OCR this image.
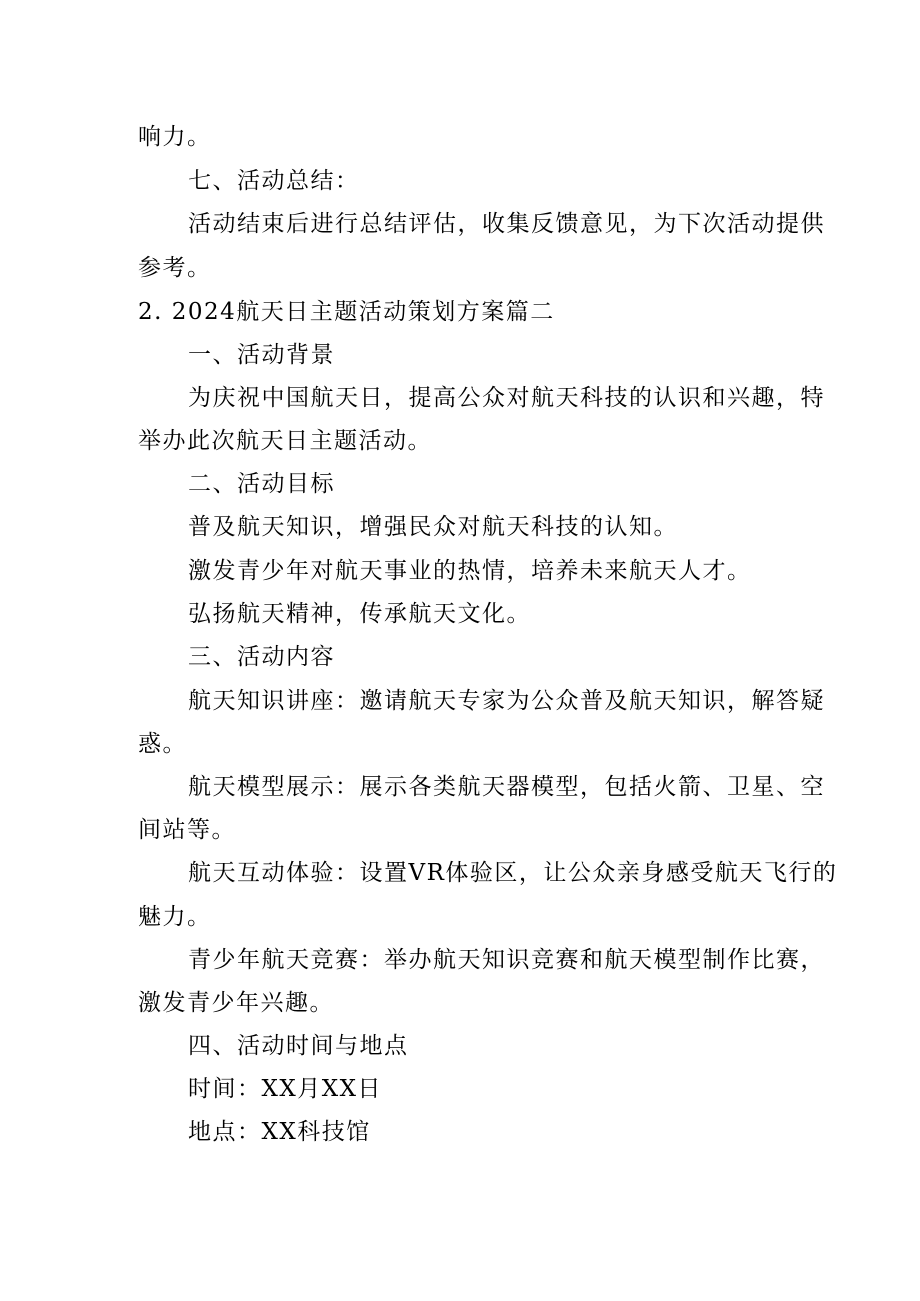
响力。
七、活动总结：
活动结束后进行总结评估，收集反馈意见，为下次活动提供
参考。
2. 2024航天日主题活动策划方案篇二
一、活动背景
为庆祝中国航天日，提高公众对航天科技的认识和兴趣，特
举办此次航天日主题活动。
二、活动目标
普及航天知识，增强民众对航天科技的认知。
激发青少年对航天事业的热情，培养未来航天人才。
弘扬航天精神，传承航天文化。
三、活动内容
航天知识讲座：邀请航天专家为公众普及航天知识，解答疑
惑。
航天模型展示：展示各类航天器模型，包括火箭、卫星、空
间站等。
航天互动体验：设置VR体验区，让公众亲身感受航天飞行的
魅力。
青少年航天竞赛：举办航天知识竞赛和航天模型制作比赛，
激发青少年兴趣。
四、活动时间与地点
时间：XX月XX日
地点：XX科技馆
